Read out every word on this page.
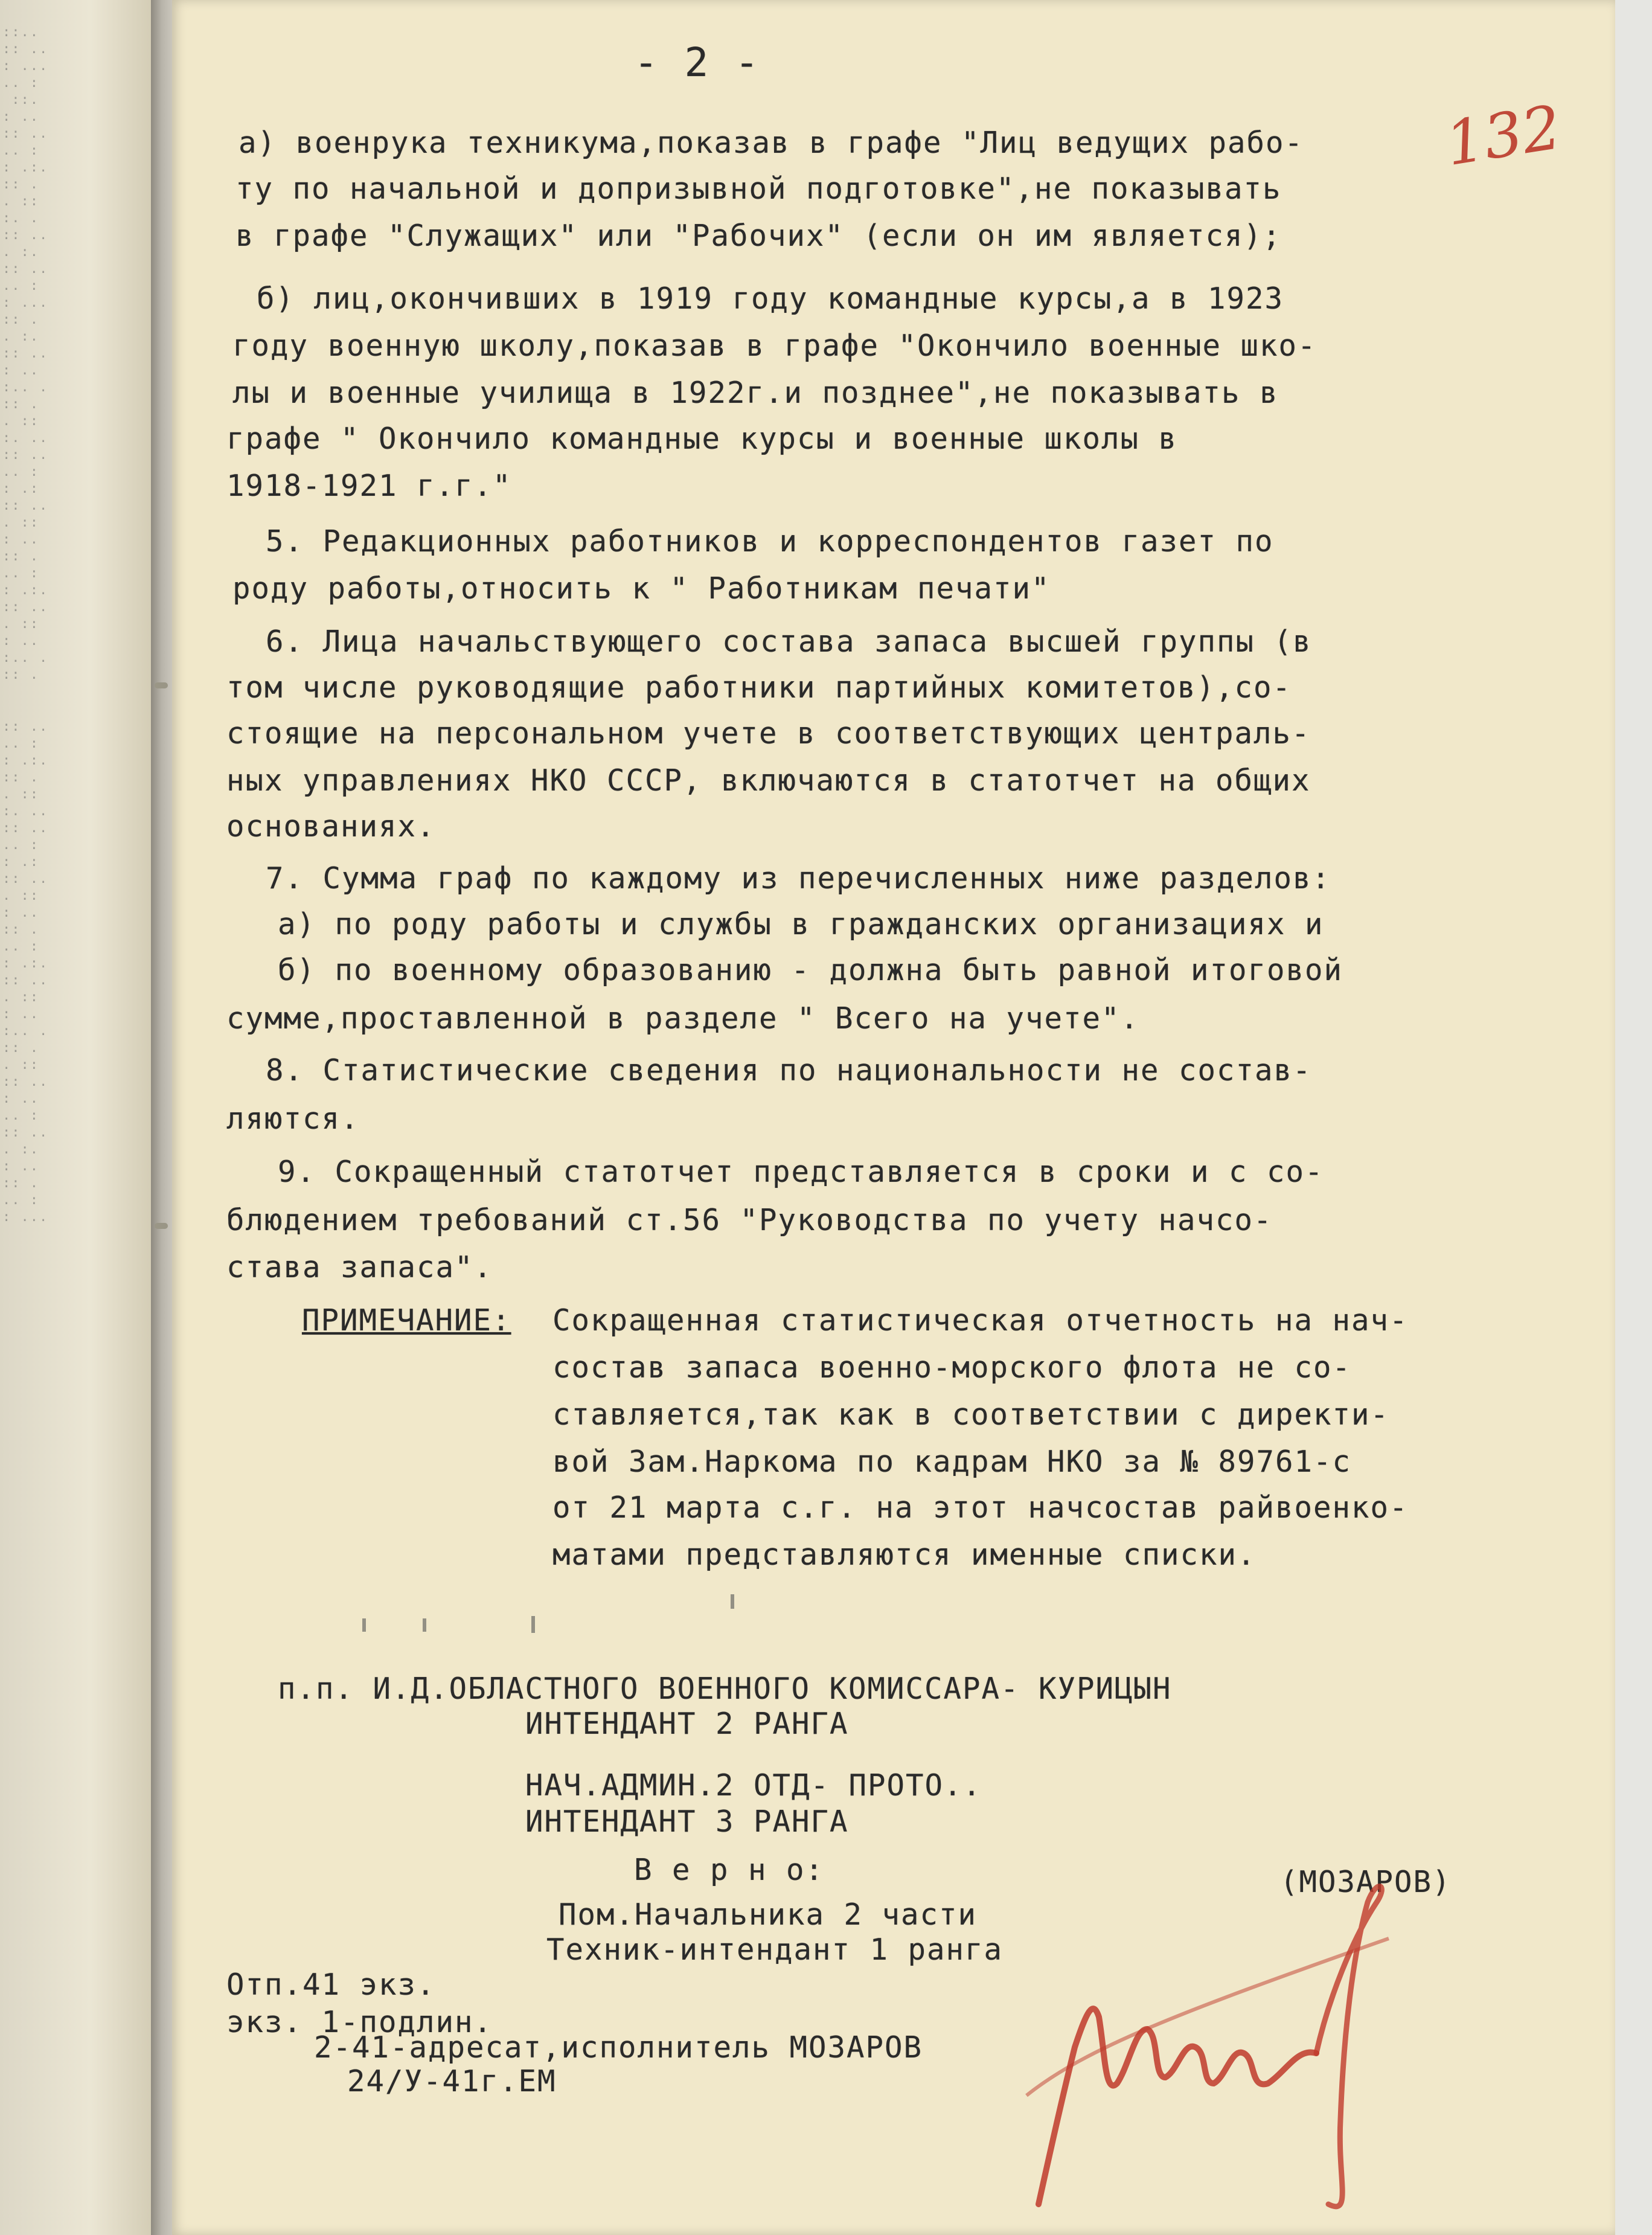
::..
:: ..
: ...
.. :
::.
: ..
:: ..
.. :
: .:.
:: .
. ::
:. .
:: ..
. :.
:: ..
.. :
: ...
:: .
. :.
:: ..
: ..
:.. .
:: .
. ::
:. ..
:: ..
.. :
: .:
:: ..
. ::
: ..
:: .
.. :
: .:.
:: ..
. ::
: ..
:.. .
:: .
:: ..
.. :
: .:.
:: .
. ::
:. ..
:: ..
.. :
: .:
:: ..
. ::
: ..
:: .
.. :
: .:.
:: ..
. ::
: ..
:.. .
:: .
. ::
:: ..
: ..
.. :
:: ..
. :.
: ..
:: .
.. :
: ...
- 2 -
132
а) военрука техникума,показав в графе "Лиц ведущих рабо-
ту по начальной и допризывной подготовке",не показывать
в графе "Служащих" или "Рабочих" (если он им является);
б) лиц,окончивших в 1919 году командные курсы,а в 1923
году военную школу,показав в графе "Окончило военные шко-
лы и военные училища в 1922г.и позднее",не показывать в
графе " Окончило командные курсы и военные школы в
1918-1921 г.г."
5. Редакционных работников и корреспондентов газет по
роду работы,относить к " Работникам печати"
6. Лица начальствующего состава запаса высшей группы (в
том числе руководящие работники партийных комитетов),со-
стоящие на персональном учете в соответствующих централь-
ных управлениях НКО СССР, включаются в статотчет на общих
основаниях.
7. Сумма граф по каждому из перечисленных ниже разделов:
а) по роду работы и службы в гражданских организациях и
б) по военному образованию - должна быть равной итоговой
сумме,проставленной в разделе " Всего на учете".
8. Статистические сведения по национальности не состав-
ляются.
9. Сокращенный статотчет представляется в сроки и с со-
блюдением требований ст.56 "Руководства по учету начсо-
става запаса".
ПРИМЕЧАНИЕ: Сокращенная статистическая отчетность на нач-
состав запаса военно-морского флота не со-
ставляется,так как в соответствии с директи-
вой Зам.Наркома по кадрам НКО за № 89761-с
от 21 марта с.г. на этот начсостав райвоенко-
матами представляются именные списки.
п.п. И.Д.ОБЛАСТНОГО ВОЕННОГО КОМИССАРА- КУРИЦЫН
ИНТЕНДАНТ 2 РАНГА
НАЧ.АДМИН.2 ОТД- ПРОТО..
ИНТЕНДАНТ 3 РАНГА
В е р н о:
Пом.Начальника 2 части
Техник-интендант 1 ранга
(МОЗАРОВ)
Отп.41 экз.
экз. 1-подлин.
2-41-адресат,исполнитель МОЗАРОВ
24/У-41г.ЕМ
